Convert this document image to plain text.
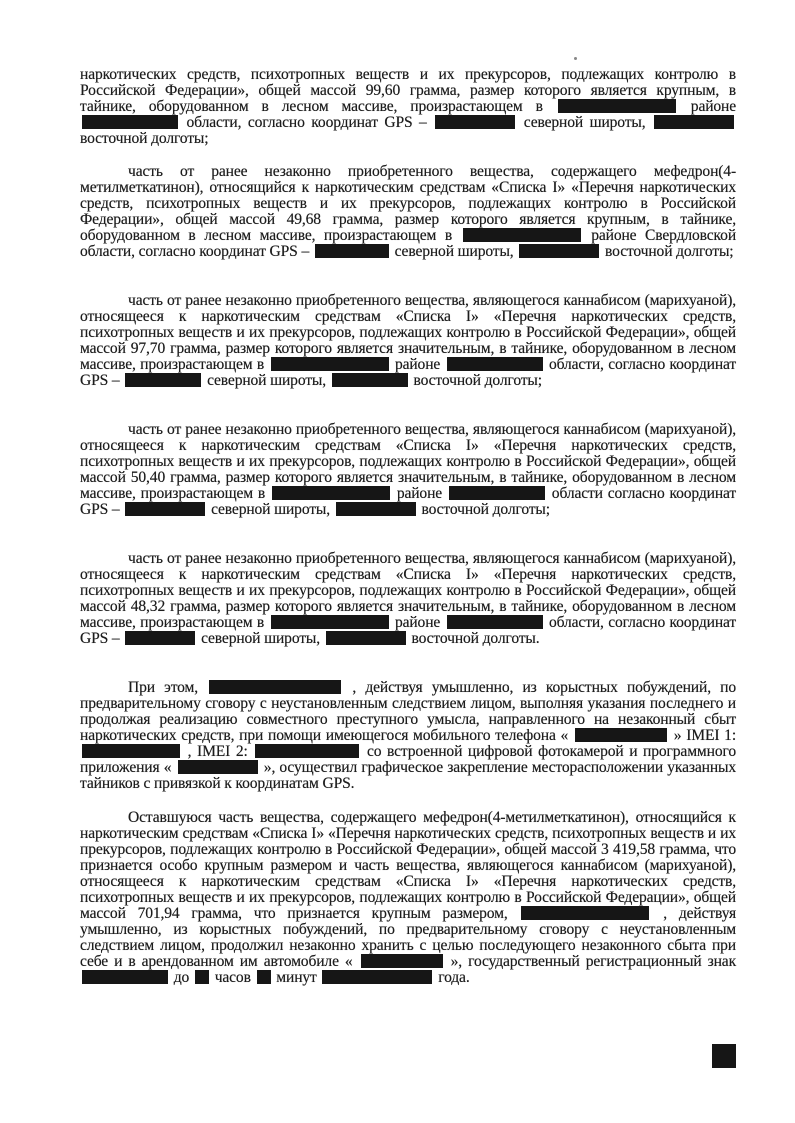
наркотических средств, психотропных веществ и их прекурсоров, подлежащих контролю в Российской Федерации», общей массой 99,60 грамма, размер которого является крупным, в тайнике, оборудованном в лесном массиве, произрастающем в	районе  области, согласно координат GPS –	северной широты,  восточной долготы;
часть от ранее незаконно приобретенного вещества, содержащего мефедрон(4-метилметкатинон), относящийся к наркотическим средствам «Списка I» «Перечня наркотических средств, психотропных веществ и их прекурсоров, подлежащих контролю в Российской Федерации», общей массой 49,68 грамма, размер которого является крупным, в тайнике, оборудованном в лесном массиве, произрастающем в	районе Свердловской области, согласно координат GPS –	северной широты,	восточной долготы;
часть от ранее незаконно приобретенного вещества, являющегося каннабисом (марихуаной), относящееся к наркотическим средствам «Списка I» «Перечня наркотических средств, психотропных веществ и их прекурсоров, подлежащих контролю в Российской Федерации», общей массой 97,70 грамма, размер которого является значительным, в тайнике, оборудованном в лесном массиве, произрастающем в	районе	области, согласно координат GPS –	северной широты,	восточной долготы;
часть от ранее незаконно приобретенного вещества, являющегося каннабисом (марихуаной), относящееся к наркотическим средствам «Списка I» «Перечня наркотических средств, психотропных веществ и их прекурсоров, подлежащих контролю в Российской Федерации», общей массой 50,40 грамма, размер которого является значительным, в тайнике, оборудованном в лесном массиве, произрастающем в	районе	области согласно координат GPS –	северной широты,	восточной долготы;
часть от ранее незаконно приобретенного вещества, являющегося каннабисом (марихуаной), относящееся к наркотическим средствам «Списка I» «Перечня наркотических средств, психотропных веществ и их прекурсоров, подлежащих контролю в Российской Федерации», общей массой 48,32 грамма, размер которого является значительным, в тайнике, оборудованном в лесном массиве, произрастающем в	районе	области, согласно координат GPS –	северной широты,	восточной долготы.
При этом,	, действуя умышленно, из корыстных побуждений, по предварительному сговору с неустановленным следствием лицом, выполняя указания последнего и продолжая реализацию совместного преступного умысла, направленного на незаконный сбыт наркотических средств, при помощи имеющегося мобильного телефона «	» IMEI 1:  , IMEI 2:	со встроенной цифровой фотокамерой и программного приложения «	», осуществил графическое закрепление месторасположении указанных тайников с привязкой к координатам GPS.
Оставшуюся часть вещества, содержащего мефедрон(4-метилметкатинон), относящийся к наркотическим средствам «Списка I» «Перечня наркотических средств, психотропных веществ и их прекурсоров, подлежащих контролю в Российской Федерации», общей массой 3 419,58 грамма, что признается особо крупным размером и часть вещества, являющегося каннабисом (марихуаной), относящееся к наркотическим средствам «Списка I» «Перечня наркотических средств, психотропных веществ и их прекурсоров, подлежащих контролю в Российской Федерации», общей массой 701,94 грамма, что признается крупным размером,	, действуя умышленно, из корыстных побуждений, по предварительному сговору с неустановленным следствием лицом, продолжил незаконно хранить с целью последующего незаконного сбыта при себе и в арендованном им автомобиле «	», государственный регистрационный знак  до часов минут	года.
